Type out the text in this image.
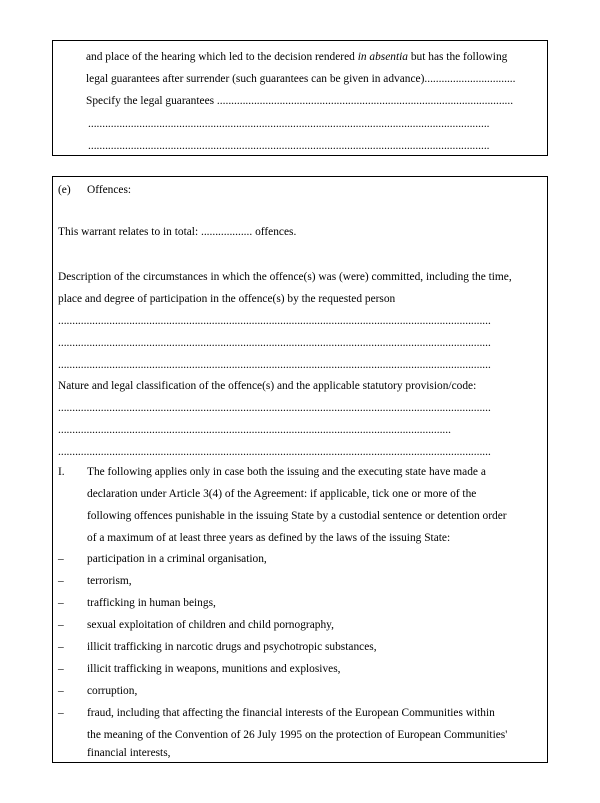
and place of the hearing which led to the decision rendered in absentia but has the following
legal guarantees after surrender (such guarantees can be given in advance)................................
Specify the legal guarantees ........................................................................................................
.............................................................................................................................................
.............................................................................................................................................
(e) Offences:
This warrant relates to in total: .................. offences.
Description of the circumstances in which the offence(s) was (were) committed, including the time,
place and degree of participation in the offence(s) by the requested person
........................................................................................................................................................
........................................................................................................................................................
........................................................................................................................................................
Nature and legal classification of the offence(s) and the applicable statutory provision/code:
........................................................................................................................................................
..........................................................................................................................................
........................................................................................................................................................
I. The following applies only in case both the issuing and the executing state have made a
declaration under Article 3(4) of the Agreement: if applicable, tick one or more of the
following offences punishable in the issuing State by a custodial sentence or detention order
of a maximum of at least three years as defined by the laws of the issuing State:
– participation in a criminal organisation,
– terrorism,
– trafficking in human beings,
– sexual exploitation of children and child pornography,
– illicit trafficking in narcotic drugs and psychotropic substances,
– illicit trafficking in weapons, munitions and explosives,
– corruption,
– fraud, including that affecting the financial interests of the European Communities within
the meaning of the Convention of 26 July 1995 on the protection of European Communities'
financial interests,
